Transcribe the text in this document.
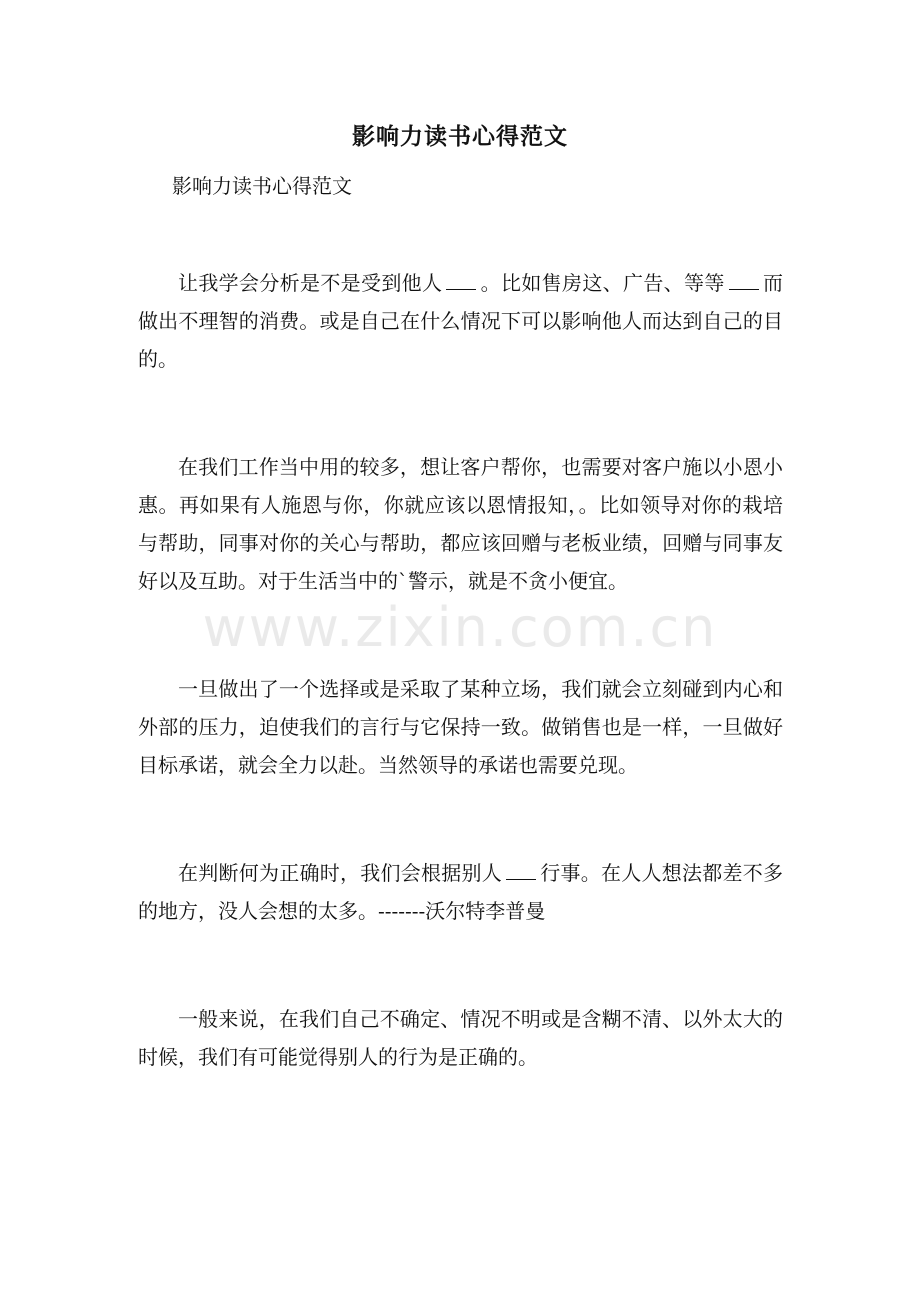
影响力读书心得范文

影响力读书心得范文

让我学会分析是不是受到他人 。比如售房这、广告、等等 而做出不理智的消费。或是自己在什么情况下可以影响他人而达到自己的目的。

在我们工作当中用的较多，想让客户帮你，也需要对客户施以小恩小惠。再如果有人施恩与你，你就应该以恩情报知，。比如领导对你的栽培与帮助，同事对你的关心与帮助，都应该回赠与老板业绩，回赠与同事友好以及互助。对于生活当中的`警示，就是不贪小便宜。

一旦做出了一个选择或是采取了某种立场，我们就会立刻碰到内心和外部的压力，迫使我们的言行与它保持一致。做销售也是一样，一旦做好目标承诺，就会全力以赴。当然领导的承诺也需要兑现。

在判断何为正确时，我们会根据别人 行事。在人人想法都差不多的地方，没人会想的太多。-------沃尔特李普曼

一般来说，在我们自己不确定、情况不明或是含糊不清、以外太大的时候，我们有可能觉得别人的行为是正确的。

www.zixin.com.cn
